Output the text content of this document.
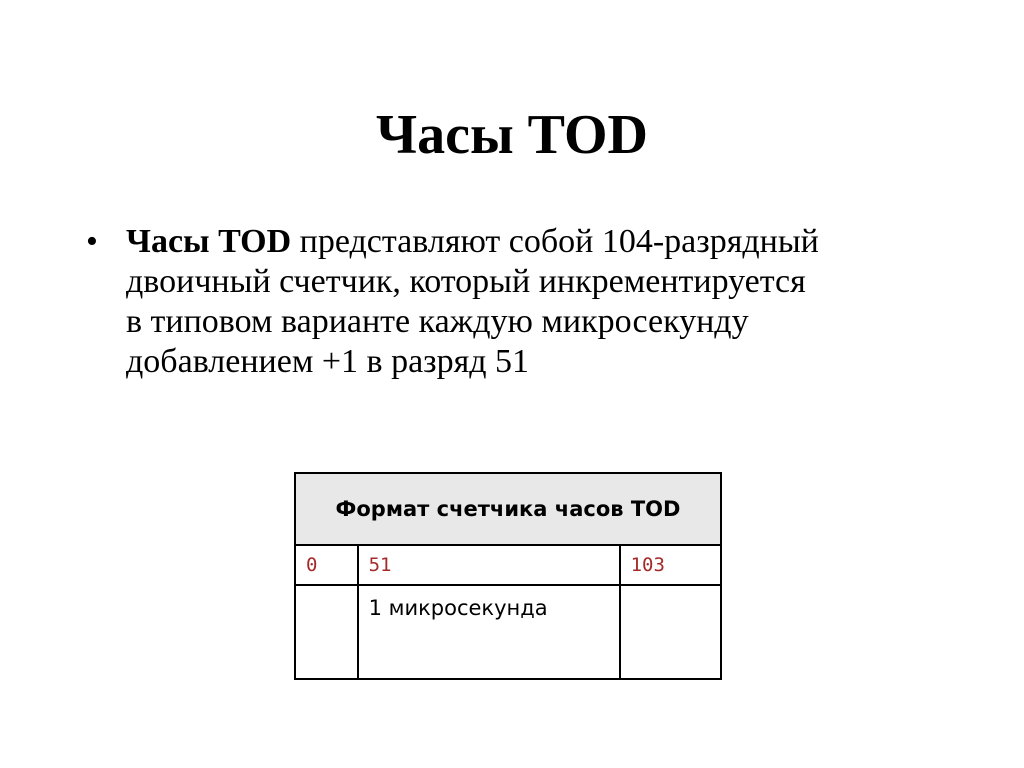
Часы TOD
• Часы TOD представляют собой 104-разрядный двоичный счетчик, который инкрементируется в типовом варианте каждую микросекунду добавлением +1 в разряд 51
Формат счетчика часов TOD		
0	51	103
	1 микросекунда	
